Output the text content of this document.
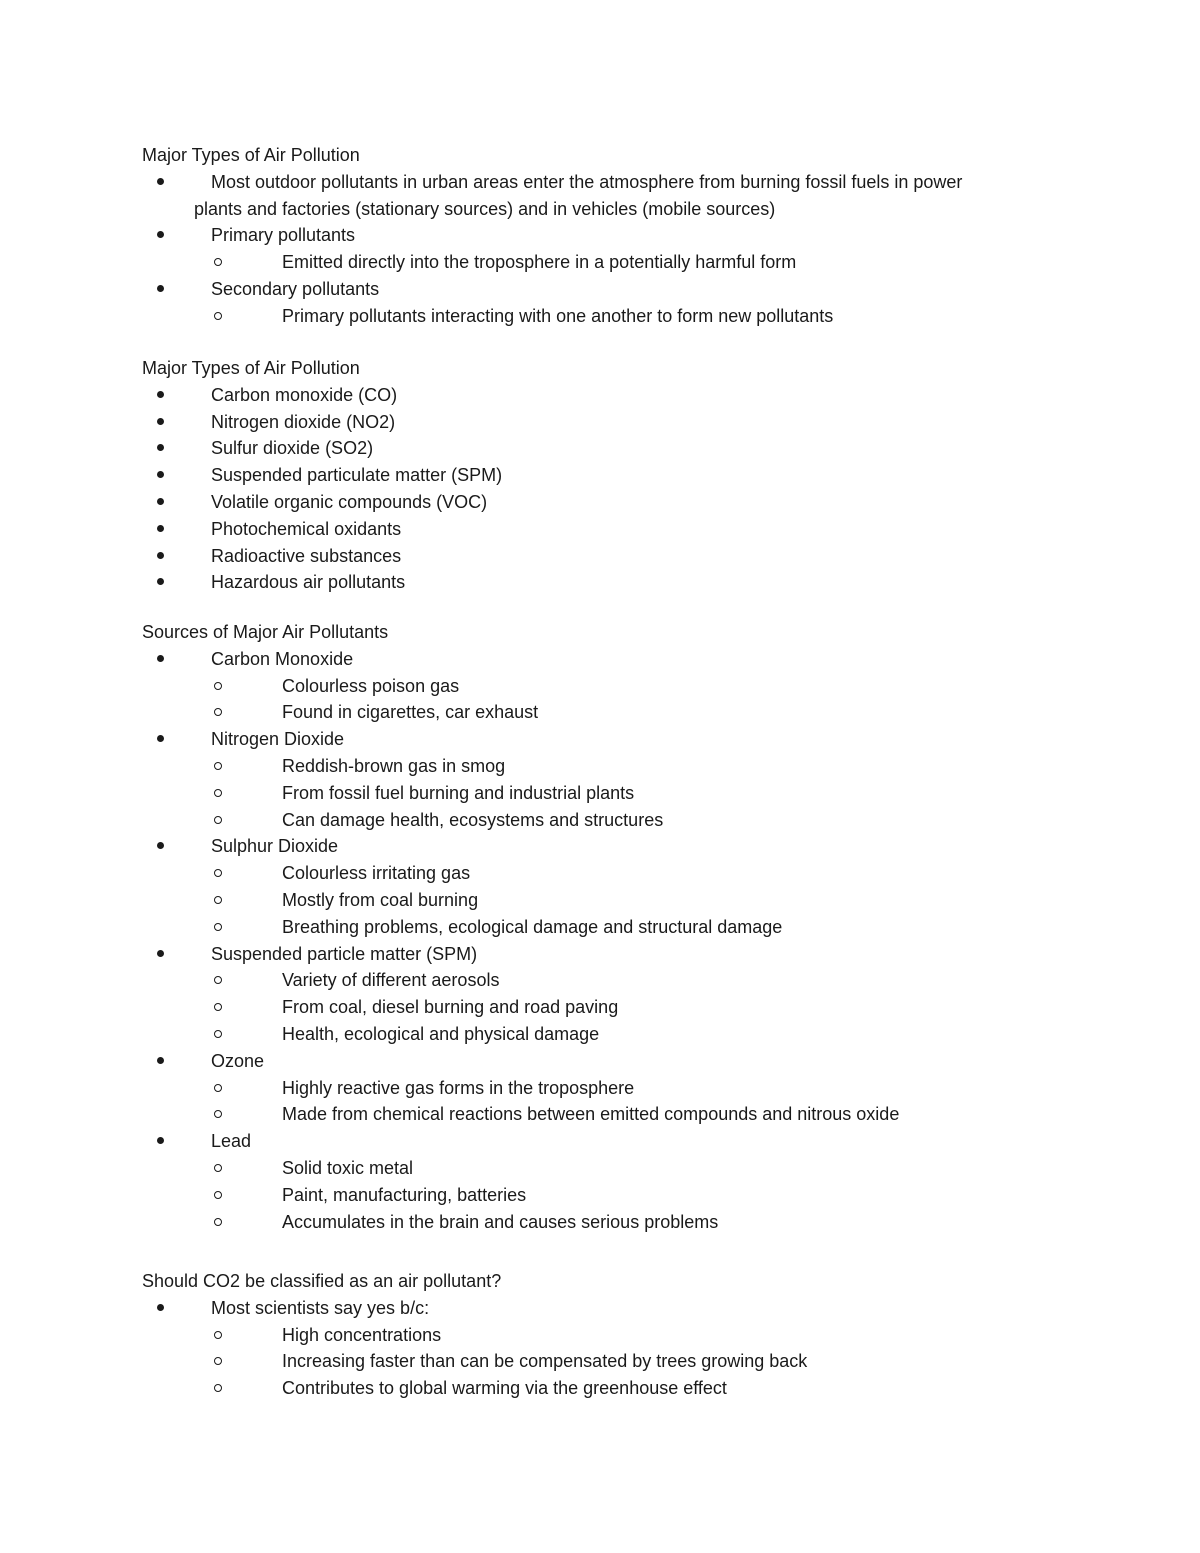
Major Types of Air Pollution
Most outdoor pollutants in urban areas enter the atmosphere from burning fossil fuels in power
plants and factories (stationary sources) and in vehicles (mobile sources)
Primary pollutants
Emitted directly into the troposphere in a potentially harmful form
Secondary pollutants
Primary pollutants interacting with one another to form new pollutants
Major Types of Air Pollution
Carbon monoxide (CO)
Nitrogen dioxide (NO2)
Sulfur dioxide (SO2)
Suspended particulate matter (SPM)
Volatile organic compounds (VOC)
Photochemical oxidants
Radioactive substances
Hazardous air pollutants
Sources of Major Air Pollutants
Carbon Monoxide
Colourless poison gas
Found in cigarettes, car exhaust
Nitrogen Dioxide
Reddish-brown gas in smog
From fossil fuel burning and industrial plants
Can damage health, ecosystems and structures
Sulphur Dioxide
Colourless irritating gas
Mostly from coal burning
Breathing problems, ecological damage and structural damage
Suspended particle matter (SPM)
Variety of different aerosols
From coal, diesel burning and road paving
Health, ecological and physical damage
Ozone
Highly reactive gas forms in the troposphere
Made from chemical reactions between emitted compounds and nitrous oxide
Lead
Solid toxic metal
Paint, manufacturing, batteries
Accumulates in the brain and causes serious problems
Should CO2 be classified as an air pollutant?
Most scientists say yes b/c:
High concentrations
Increasing faster than can be compensated by trees growing back
Contributes to global warming via the greenhouse effect
